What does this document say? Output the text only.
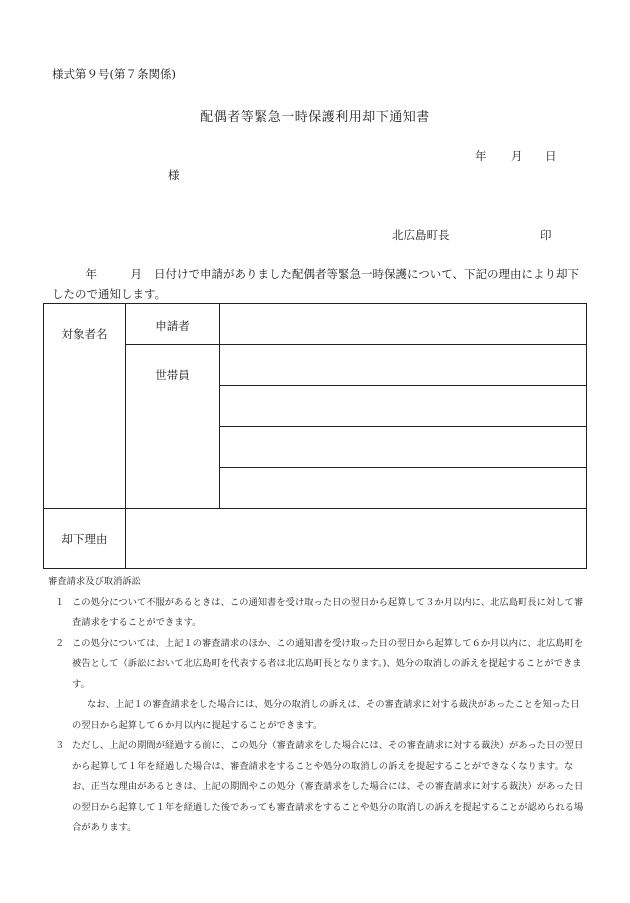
様式第９号(第７条関係)
配偶者等緊急一時保護利用却下通知書
年 月 日
様
北広島町長	印
年	月 日付けで申請がありました配偶者等緊急一時保護について、下記の理由により却下したので通知します。
対象者名	申請者	

	世帯員	

却下理由		

審査請求及び取消訴訟

１ この処分について不服があるときは、この通知書を受け取った日の翌日から起算して３か月以内に、北広島町長に対して審査請求をすることができます。

２ この処分については、上記１の審査請求のほか、この通知書を受け取った日の翌日から起算して６か月以内に、北広島町を被告として（訴訟において北広島町を代表する者は北広島町長となります。)、処分の取消しの訴えを提起することができます。

なお、上記１の審査請求をした場合には、処分の取消しの訴えは、その審査請求に対する裁決があったことを知った日の翌日から起算して６か月以内に提起することができます。

３ ただし、上記の期間が経過する前に、この処分（審査請求をした場合には、その審査請求に対する裁決）があった日の翌日から起算して１年を経過した場合は、審査請求をすることや処分の取消しの訴えを提起することができなくなります。なお、正当な理由があるときは、上記の期間やこの処分（審査請求をした場合には、その審査請求に対する裁決）があった日の翌日から起算して１年を経過した後であっても審査請求をすることや処分の取消しの訴えを提起することが認められる場合があります。
